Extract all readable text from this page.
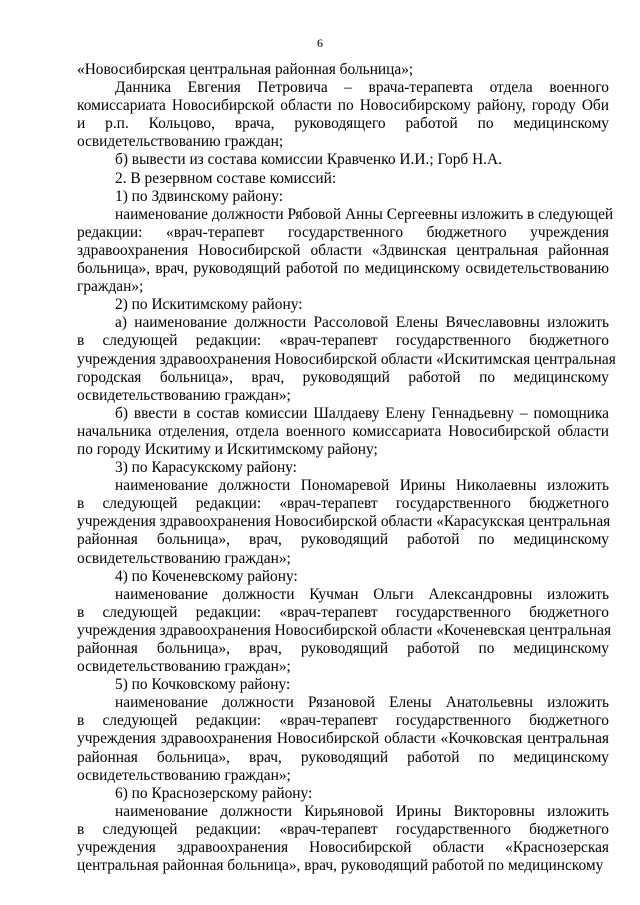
6

«Новосибирская центральная районная больница»;

Данника Евгения Петровича – врача-терапевта отдела военного
комиссариата Новосибирской области по Новосибирскому району, городу Оби
и р.п. Кольцово, врача, руководящего работой по медицинскому
освидетельствованию граждан;

б) вывести из состава комиссии Кравченко И.И.; Горб Н.А.

2. В резервном составе комиссий:

1) по Здвинскому району:

наименование должности Рябовой Анны Сергеевны изложить в следующей
редакции: «врач-терапевт государственного бюджетного учреждения
здравоохранения Новосибирской области «Здвинская центральная районная
больница», врач, руководящий работой по медицинскому освидетельствованию
граждан»;

2) по Искитимскому району:

а) наименование должности Рассоловой Елены Вячеславовны изложить
в следующей редакции: «врач-терапевт государственного бюджетного
учреждения здравоохранения Новосибирской области «Искитимская центральная
городская больница», врач, руководящий работой по медицинскому
освидетельствованию граждан»;

б) ввести в состав комиссии Шалдаеву Елену Геннадьевну – помощника
начальника отделения, отдела военного комиссариата Новосибирской области
по городу Искитиму и Искитимскому району;

3) по Карасукскому району:

наименование должности Пономаревой Ирины Николаевны изложить
в следующей редакции: «врач-терапевт государственного бюджетного
учреждения здравоохранения Новосибирской области «Карасукская центральная
районная больница», врач, руководящий работой по медицинскому
освидетельствованию граждан»;

4) по Коченевскому району:

наименование должности Кучман Ольги Александровны изложить
в следующей редакции: «врач-терапевт государственного бюджетного
учреждения здравоохранения Новосибирской области «Коченевская центральная
районная больница», врач, руководящий работой по медицинскому
освидетельствованию граждан»;

5) по Кочковскому району:

наименование должности Рязановой Елены Анатольевны изложить
в следующей редакции: «врач-терапевт государственного бюджетного
учреждения здравоохранения Новосибирской области «Кочковская центральная
районная больница», врач, руководящий работой по медицинскому
освидетельствованию граждан»;

6) по Краснозерскому району:

наименование должности Кирьяновой Ирины Викторовны изложить
в следующей редакции: «врач-терапевт государственного бюджетного
учреждения здравоохранения Новосибирской области «Краснозерская
центральная районная больница», врач, руководящий работой по медицинскому
